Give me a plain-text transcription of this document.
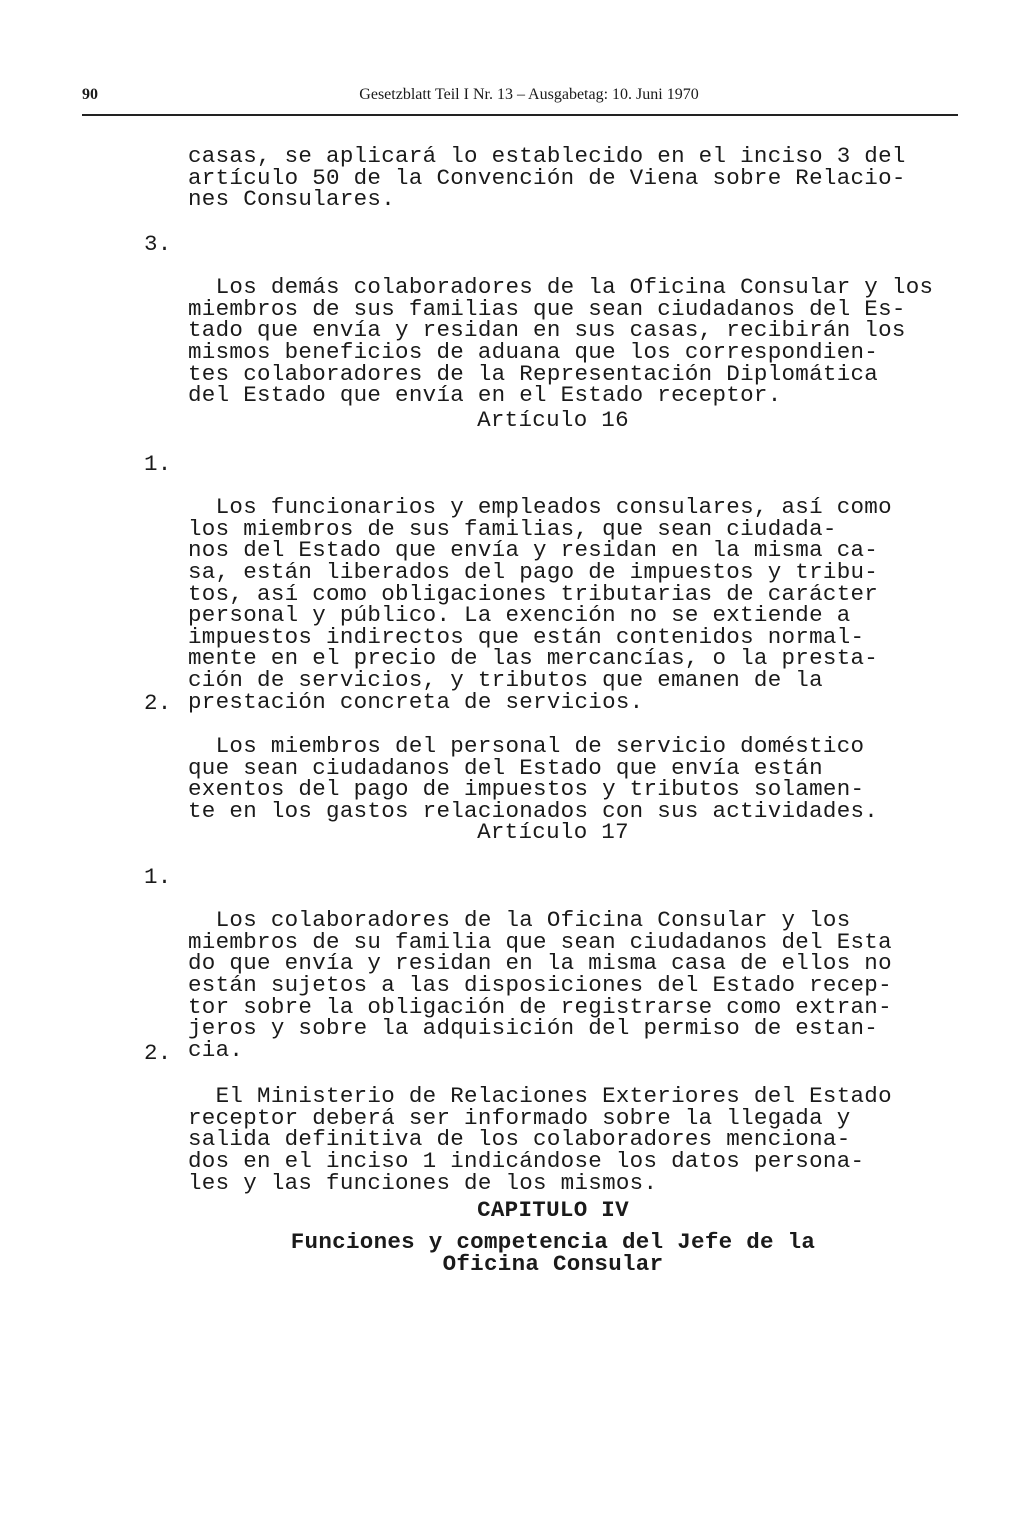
90	Gesetzblatt Teil I Nr. 13 – Ausgabetag: 10. Juni 1970

casas, se aplicará lo establecido en el inciso 3 del
artículo 50 de la Convención de Viena sobre Relacio-
nes Consulares.

3.

Los demás colaboradores de la Oficina Consular y los
miembros de sus familias que sean ciudadanos del Es-
tado que envía y residan en sus casas, recibirán los
mismos beneficios de aduana que los correspondien-
tes colaboradores de la Representación Diplomática
del Estado que envía en el Estado receptor.

Artículo 16

1.

Los funcionarios y empleados consulares, así como
los miembros de sus familias, que sean ciudada-
nos del Estado que envía y residan en la misma ca-
sa, están liberados del pago de impuestos y tribu-
tos, así como obligaciones tributarias de carácter
personal y público. La exención no se extiende a
impuestos indirectos que están contenidos normal-
mente en el precio de las mercancías, o la presta-
ción de servicios, y tributos que emanen de la
prestación concreta de servicios.

2.

Los miembros del personal de servicio doméstico
que sean ciudadanos del Estado que envía están
exentos del pago de impuestos y tributos solamen-
te en los gastos relacionados con sus actividades.

Artículo 17

1.

Los colaboradores de la Oficina Consular y los
miembros de su familia que sean ciudadanos del Esta
do que envía y residan en la misma casa de ellos no
están sujetos a las disposiciones del Estado recep-
tor sobre la obligación de registrarse como extran-
jeros y sobre la adquisición del permiso de estan-
cia.

2.

El Ministerio de Relaciones Exteriores del Estado
receptor deberá ser informado sobre la llegada y
salida definitiva de los colaboradores menciona-
dos en el inciso 1 indicándose los datos persona-
les y las funciones de los mismos.

CAPITULO IV
Funciones y competencia del Jefe de la
Oficina Consular
